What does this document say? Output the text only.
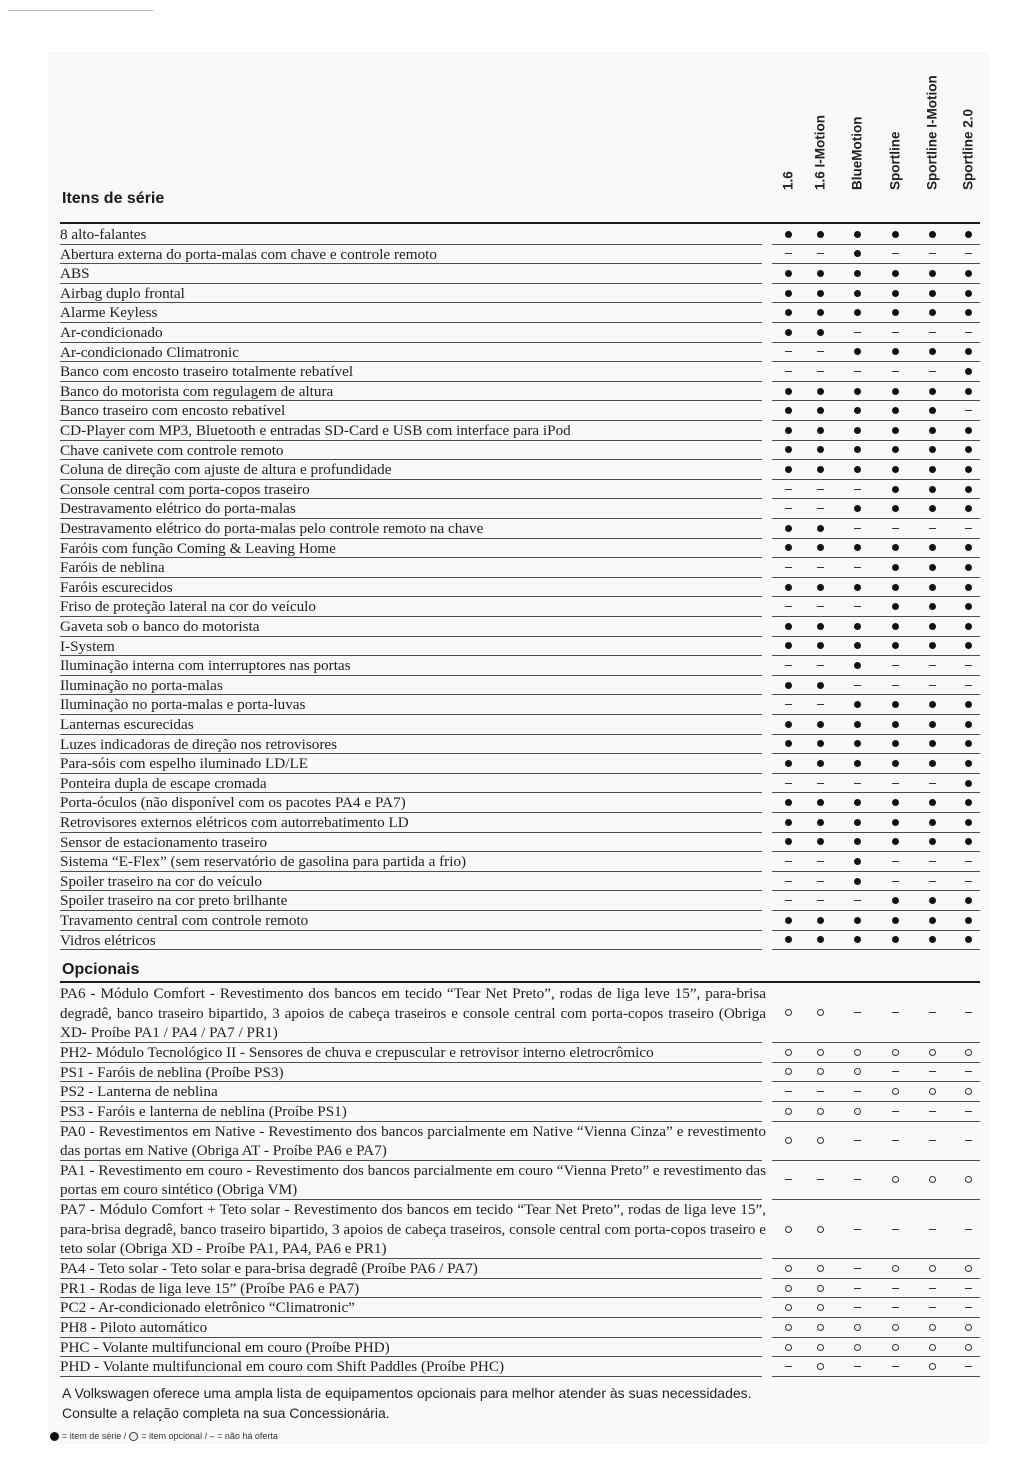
1.6 1.6 I-Motion BlueMotion Sportline Sportline I-Motion Sportline 2.0
Itens de série
8 alto-falantes
Abertura externa do porta-malas com chave e controle remoto
ABS
Airbag duplo frontal
Alarme Keyless
Ar-condicionado
Ar-condicionado Climatronic
Banco com encosto traseiro totalmente rebatível
Banco do motorista com regulagem de altura
Banco traseiro com encosto rebatível
CD-Player com MP3, Bluetooth e entradas SD-Card e USB com interface para iPod
Chave canivete com controle remoto
Coluna de direção com ajuste de altura e profundidade
Console central com porta-copos traseiro
Destravamento elétrico do porta-malas
Destravamento elétrico do porta-malas pelo controle remoto na chave
Faróis com função Coming & Leaving Home
Faróis de neblina
Faróis escurecidos
Friso de proteção lateral na cor do veículo
Gaveta sob o banco do motorista
I-System
Iluminação interna com interruptores nas portas
Iluminação no porta-malas
Iluminação no porta-malas e porta-luvas
Lanternas escurecidas
Luzes indicadoras de direção nos retrovisores
Para-sóis com espelho iluminado LD/LE
Ponteira dupla de escape cromada
Porta-óculos (não disponível com os pacotes PA4 e PA7)
Retrovisores externos elétricos com autorrebatimento LD
Sensor de estacionamento traseiro
Sistema “E-Flex” (sem reservatório de gasolina para partida a frio)
Spoiler traseiro na cor do veículo
Spoiler traseiro na cor preto brilhante
Travamento central com controle remoto
Vidros elétricos
Opcionais
PA6 - Módulo Comfort - Revestimento dos bancos em tecido “Tear Net Preto”, rodas de liga leve 15”, para-brisa degradê, banco traseiro bipartido, 3 apoios de cabeça traseiros e console central com porta-copos traseiro (Obriga XD- Proíbe PA1 / PA4 / PA7 / PR1)
PH2- Módulo Tecnológico II - Sensores de chuva e crepuscular e retrovisor interno eletrocrômico
PS1 - Faróis de neblina (Proíbe PS3)
PS2 - Lanterna de neblina
PS3 - Faróis e lanterna de neblina (Proíbe PS1)
PA0 - Revestimentos em Native - Revestimento dos bancos parcialmente em Native “Vienna Cinza” e revestimento das portas em Native (Obriga AT - Proíbe PA6 e PA7)
PA1 - Revestimento em couro - Revestimento dos bancos parcialmente em couro “Vienna Preto” e revestimento das portas em couro sintético (Obriga VM)
PA7 - Módulo Comfort + Teto solar - Revestimento dos bancos em tecido “Tear Net Preto”, rodas de liga leve 15”, para-brisa degradê, banco traseiro bipartido, 3 apoios de cabeça traseiros, console central com porta-copos traseiro e teto solar (Obriga XD - Proíbe PA1, PA4, PA6 e PR1)
PA4 - Teto solar - Teto solar e para-brisa degradê (Proíbe PA6 / PA7)
PR1 - Rodas de liga leve 15” (Proíbe PA6 e PA7)
PC2 - Ar-condicionado eletrônico “Climatronic”
PH8 - Piloto automático
PHC - Volante multifuncional em couro (Proíbe PHD)
PHD - Volante multifuncional em couro com Shift Paddles (Proíbe PHC)
A Volkswagen oferece uma ampla lista de equipamentos opcionais para melhor atender às suas necessidades.
Consulte a relação completa na sua Concessionária.
= item de série / = item opcional / – = não há oferta
